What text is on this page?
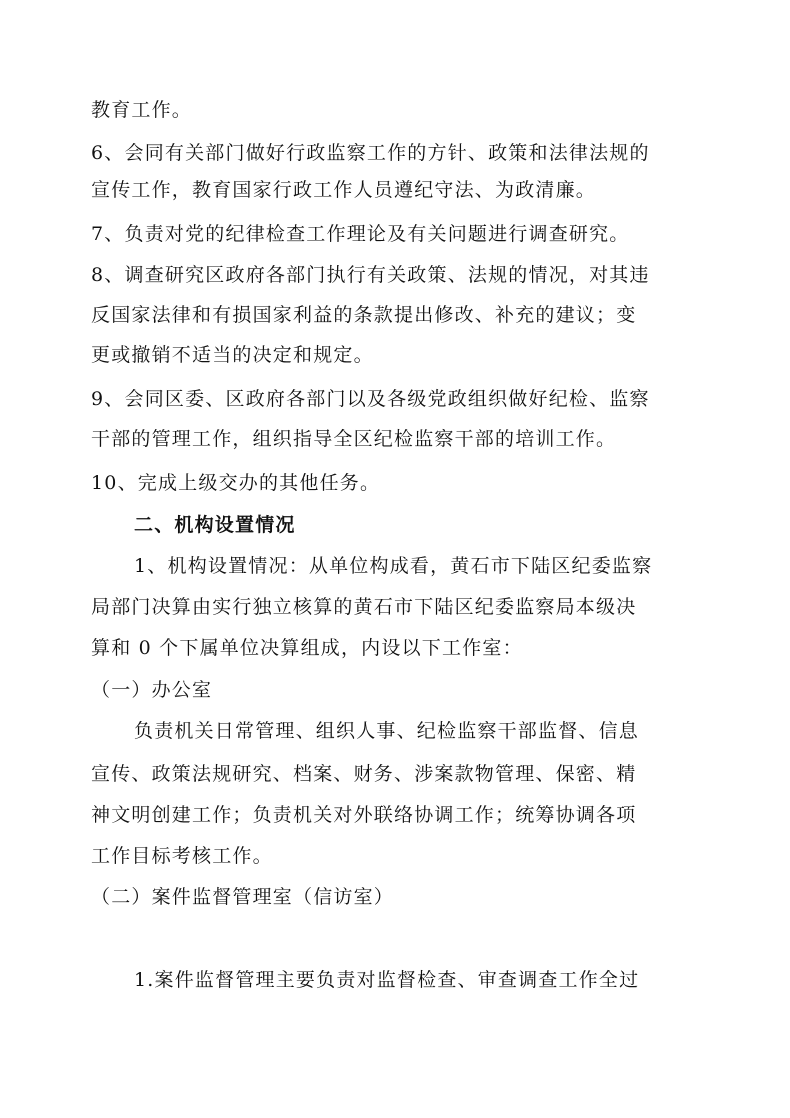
教育工作。
6、会同有关部门做好行政监察工作的方针、政策和法律法规的
宣传工作，教育国家行政工作人员遵纪守法、为政清廉。
7、负责对党的纪律检查工作理论及有关问题进行调查研究。
8、调查研究区政府各部门执行有关政策、法规的情况，对其违
反国家法律和有损国家利益的条款提出修改、补充的建议；变
更或撤销不适当的决定和规定。
9、会同区委、区政府各部门以及各级党政组织做好纪检、监察
干部的管理工作，组织指导全区纪检监察干部的培训工作。
10、完成上级交办的其他任务。
二、机构设置情况
1、机构设置情况：从单位构成看，黄石市下陆区纪委监察
局部门决算由实行独立核算的黄石市下陆区纪委监察局本级决
算和 0 个下属单位决算组成，内设以下工作室：
（一）办公室
负责机关日常管理、组织人事、纪检监察干部监督、信息
宣传、政策法规研究、档案、财务、涉案款物管理、保密、精
神文明创建工作；负责机关对外联络协调工作；统筹协调各项
工作目标考核工作。
（二）案件监督管理室（信访室）
1.案件监督管理主要负责对监督检查、审查调查工作全过
